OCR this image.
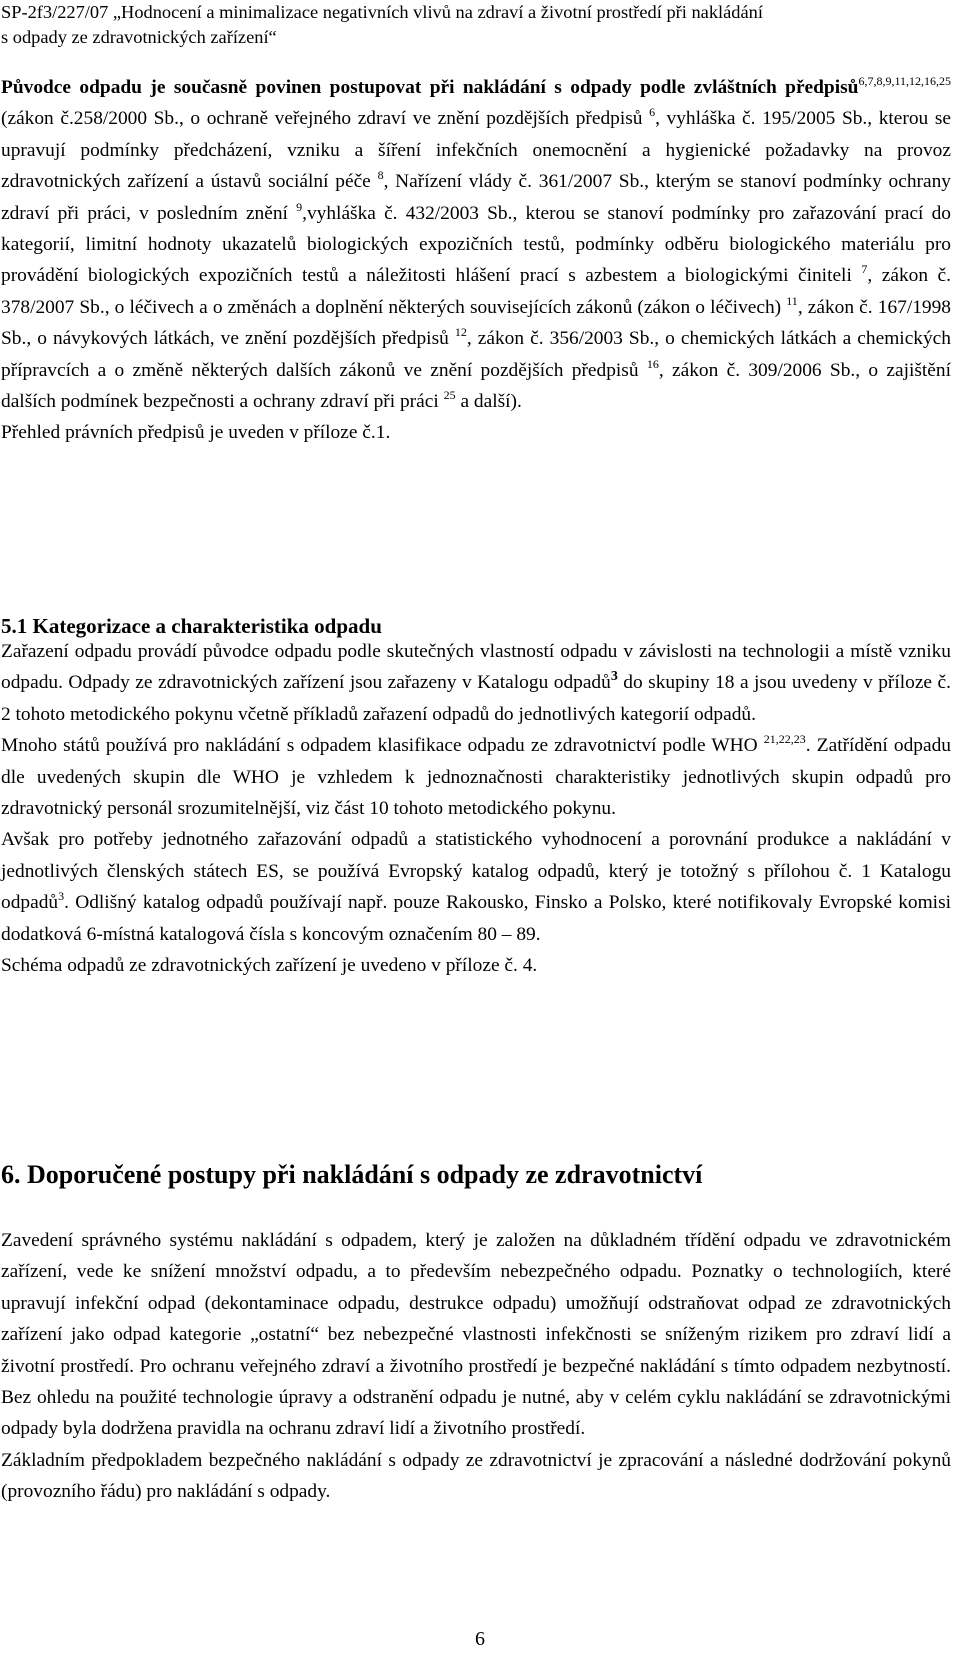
SP-2f3/227/07 „Hodnocení a minimalizace negativních vlivů na zdraví a životní prostředí při nakládání
s odpady ze zdravotnických zařízení“

Původce odpadu je současně povinen postupovat při nakládání s odpady podle zvláštních předpisů$^{6,7,8,9,11,12,16,25}$ (zákon č.258/2000 Sb., o ochraně veřejného zdraví ve znění pozdějších předpisů $^6$, vyhláška č. 195/2005 Sb., kterou se upravují podmínky předcházení, vzniku a šíření infekčních onemocnění a hygienické požadavky na provoz zdravotnických zařízení a ústavů sociální péče $^8$, Nařízení vlády č. 361/2007 Sb., kterým se stanoví podmínky ochrany zdraví při práci, v posledním znění $^9$,vyhláška č. 432/2003 Sb., kterou se stanoví podmínky pro zařazování prací do kategorií, limitní hodnoty ukazatelů biologických expozičních testů, podmínky odběru biologického materiálu pro provádění biologických expozičních testů a náležitosti hlášení prací s azbestem a biologickými činiteli $^7$, zákon č. 378/2007 Sb., o léčivech a o změnách a doplnění některých souvisejících zákonů (zákon o léčivech) $^{11}$, zákon č. 167/1998 Sb., o návykových látkách, ve znění pozdějších předpisů $^{12}$, zákon č. 356/2003 Sb., o chemických látkách a chemických přípravcích a o změně některých dalších zákonů ve znění pozdějších předpisů $^{16}$, zákon č. 309/2006 Sb., o zajištění dalších podmínek bezpečnosti a ochrany zdraví při práci $^{25}$ a další).

Přehled právních předpisů je uveden v příloze č.1.

5.1 Kategorizace a charakteristika odpadu

Zařazení odpadu provádí původce odpadu podle skutečných vlastností odpadu v závislosti na technologii a místě vzniku odpadu. Odpady ze zdravotnických zařízení jsou zařazeny v Katalogu odpadů$^3$ do skupiny 18 a jsou uvedeny v příloze č. 2 tohoto metodického pokynu včetně příkladů zařazení odpadů do jednotlivých kategorií odpadů.

Mnoho států používá pro nakládání s odpadem klasifikace odpadu ze zdravotnictví podle WHO $^{21,22,23}$. Zatřídění odpadu dle uvedených skupin dle WHO je vzhledem k jednoznačnosti charakteristiky jednotlivých skupin odpadů pro zdravotnický personál srozumitelnější, viz část 10 tohoto metodického pokynu.

Avšak pro potřeby jednotného zařazování odpadů a statistického vyhodnocení a porovnání produkce a nakládání v jednotlivých členských státech ES, se používá Evropský katalog odpadů, který je totožný s přílohou č. 1 Katalogu odpadů$^3$. Odlišný katalog odpadů používají např. pouze Rakousko, Finsko a Polsko, které notifikovaly Evropské komisi dodatková 6-místná katalogová čísla s koncovým označením 80 – 89.

Schéma odpadů ze zdravotnických zařízení je uvedeno v příloze č. 4.

6. Doporučené postupy při nakládání s odpady ze zdravotnictví

Zavedení správného systému nakládání s odpadem, který je založen na důkladném třídění odpadu ve zdravotnickém zařízení, vede ke snížení množství odpadu, a to především nebezpečného odpadu. Poznatky o technologiích, které upravují infekční odpad (dekontaminace odpadu, destrukce odpadu) umožňují odstraňovat odpad ze zdravotnických zařízení jako odpad kategorie „ostatní“ bez nebezpečné vlastnosti infekčnosti se sníženým rizikem pro zdraví lidí a životní prostředí. Pro ochranu veřejného zdraví a životního prostředí je bezpečné nakládání s tímto odpadem nezbytností. Bez ohledu na použité technologie úpravy a odstranění odpadu je nutné, aby v celém cyklu nakládání se zdravotnickými odpady byla dodržena pravidla na ochranu zdraví lidí a životního prostředí.

Základním předpokladem bezpečného nakládání s odpady ze zdravotnictví je zpracování a následné dodržování pokynů (provozního řádu) pro nakládání s odpady.

6
